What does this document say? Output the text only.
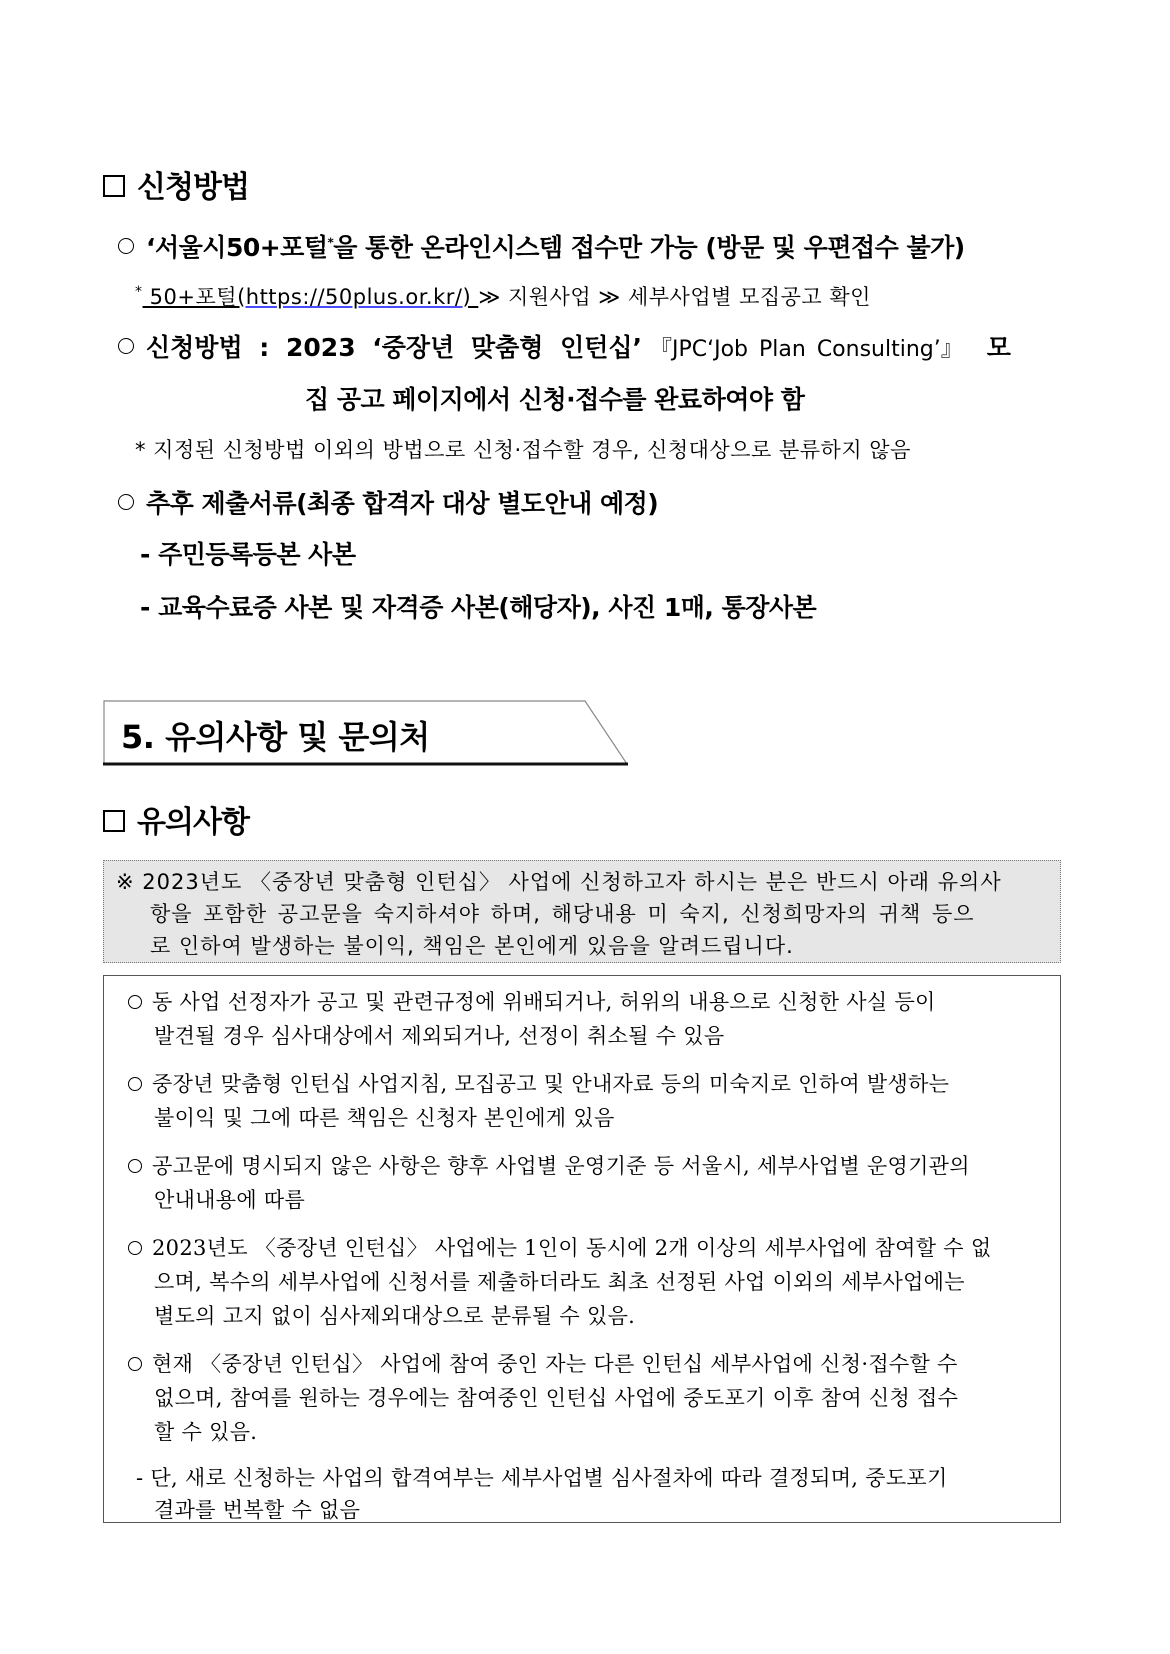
신청방법
‘서울시50+포털*을 통한 온라인시스템 접수만 가능 (방문 및 우편접수 불가)
* 50+포털(https://50plus.or.kr/) ≫ 지원사업 ≫ 세부사업별 모집공고 확인
신청방법 : 2023 ‘중장년 맞춤형 인턴십’ 『JPC‘Job Plan Consulting’』 모
집 공고 페이지에서 신청·접수를 완료하여야 함
* 지정된 신청방법 이외의 방법으로 신청·접수할 경우, 신청대상으로 분류하지 않음
추후 제출서류(최종 합격자 대상 별도안내 예정)
- 주민등록등본 사본
- 교육수료증 사본 및 자격증 사본(해당자), 사진 1매, 통장사본
5. 유의사항 및 문의처
유의사항
※ 2023년도 〈중장년 맞춤형 인턴십〉 사업에 신청하고자 하시는 분은 반드시 아래 유의사
항을 포함한 공고문을 숙지하셔야 하며, 해당내용 미 숙지, 신청희망자의 귀책 등으
로 인하여 발생하는 불이익, 책임은 본인에게 있음을 알려드립니다.
동 사업 선정자가 공고 및 관련규정에 위배되거나, 허위의 내용으로 신청한 사실 등이
발견될 경우 심사대상에서 제외되거나, 선정이 취소될 수 있음
중장년 맞춤형 인턴십 사업지침, 모집공고 및 안내자료 등의 미숙지로 인하여 발생하는
불이익 및 그에 따른 책임은 신청자 본인에게 있음
공고문에 명시되지 않은 사항은 향후 사업별 운영기준 등 서울시, 세부사업별 운영기관의
안내내용에 따름
2023년도 〈중장년 인턴십〉 사업에는 1인이 동시에 2개 이상의 세부사업에 참여할 수 없
으며, 복수의 세부사업에 신청서를 제출하더라도 최초 선정된 사업 이외의 세부사업에는
별도의 고지 없이 심사제외대상으로 분류될 수 있음.
현재 〈중장년 인턴십〉 사업에 참여 중인 자는 다른 인턴십 세부사업에 신청·접수할 수
없으며, 참여를 원하는 경우에는 참여중인 인턴십 사업에 중도포기 이후 참여 신청 접수
할 수 있음.
- 단, 새로 신청하는 사업의 합격여부는 세부사업별 심사절차에 따라 결정되며, 중도포기
결과를 번복할 수 없음
